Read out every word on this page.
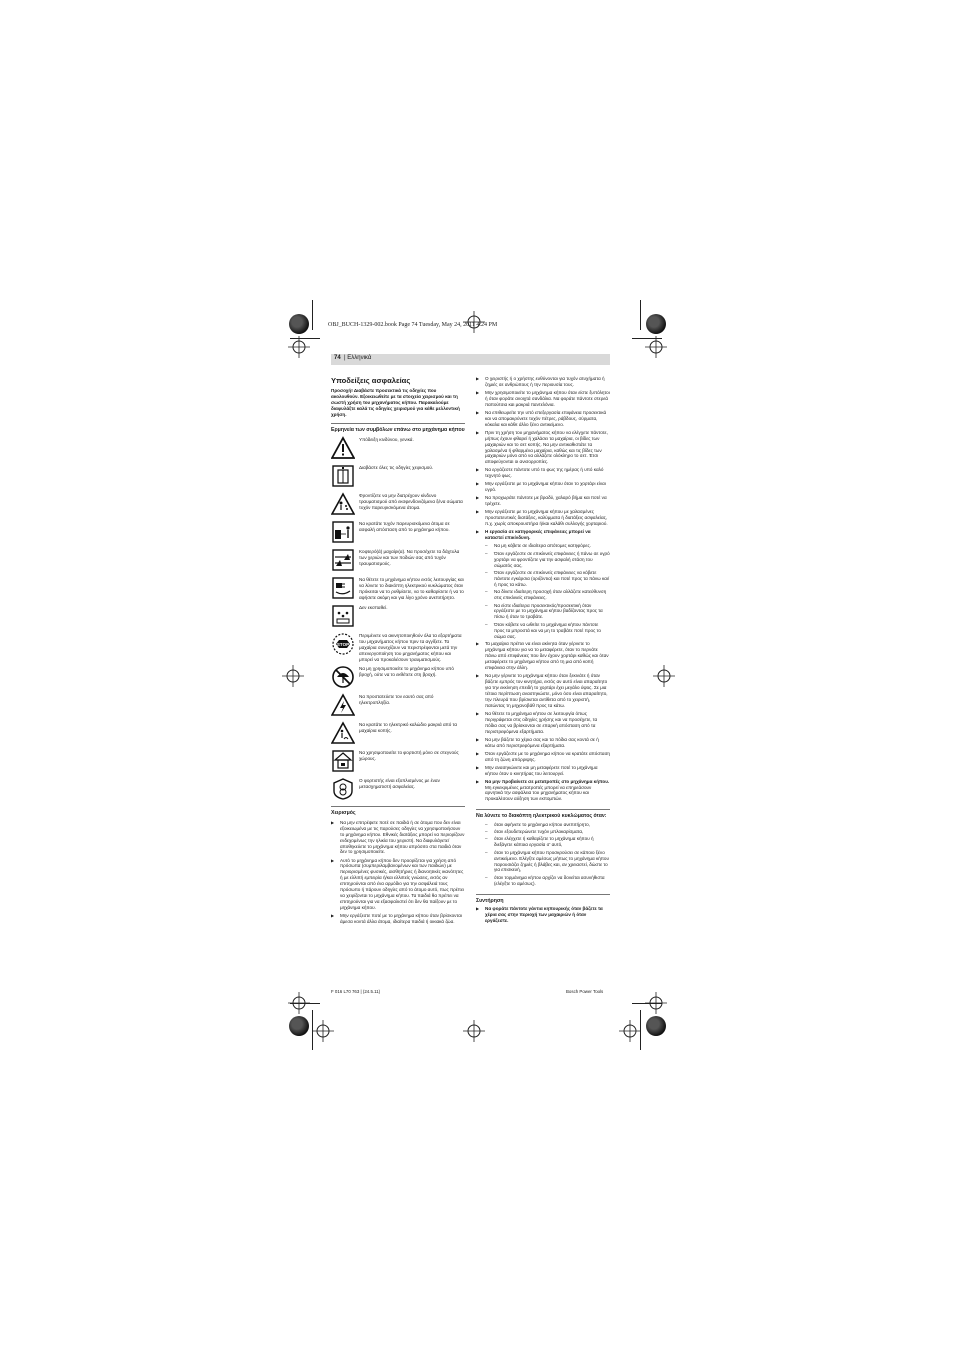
OBJ_BUCH-1329-002.book Page 74 Tuesday, May 24, 2011 4:24 PM
74 | Ελληνικά
Υποδείξεις ασφαλείας
Προσοχή! Διαβάστε προσεκτικά τις οδηγίες που ακολουθούν. Εξοικειωθείτε με τα στοιχεία χειρισμού και τη σωστή χρήση του μηχανήματος κήπου. Παρακαλούμε διαφυλάξτε καλά τις οδηγίες χειρισμού για κάθε μελλοντική χρήση.
Ερμηνεία των συμβόλων επάνω στο μηχάνημα κήπου
Υπόδειξη κινδύνου, γενικά.
Διαβάστε όλες τις οδηγίες χειρισμού.
Φροντίζετε να μην διατρέχουν κίνδυνο τραυματισμού από εκσφενδονιζόμενα ξένα σώματα τυχόν παρευρισκόμενα άτομα.
Να κρατάτε τυχόν παρευρισκόμενα άτομα σε ασφαλή απόσταση από το μηχάνημα κήπου.
Κοφτερό(ά) μαχαίρι(α). Να προσέχετε τα δάχτυλα των χεριών και των ποδιών σας από τυχόν τραυματισμούς.
Να θέτετε το μηχάνημα κήπου εκτός λειτουργίας και να λύνετε το διακόπτη ηλεκτρικού κυκλώματος όταν πρόκειται να το ρυθμίσετε, να το καθαρίσετε ή να το αφήσετε ακόμη και για λίγο χρόνο ανεπιτήρητο.
Δεν εκσπαθεί.
STOP
Περιμένετε να ακινητοποιηθούν όλα τα εξαρτήματα του μηχανήματος κήπου πριν τα αγγίξετε. Τα μαχαίρια συνεχίζουν να περιστρέφονται μετά την απενεργοποίηση του μηχανήματος κήπου και μπορεί να προκαλέσουν τραυματισμούς.
Να μη χρησιμοποιείτε το μηχάνημα κήπου υπό βροχή, ούτε να το εκθέτετε στη βροχή.
Να προστατεύετε τον εαυτό σας από ηλεκτροπληξία.
Να κρατάτε το ηλεκτρικό καλώδιο μακριά από τα μαχαίρια κοπής.
Να χρησιμοποιείτε το φορτιστή μόνο σε στεγνούς χώρους.
Ο φορτιστής είναι εξοπλισμένος με έναν μετασχηματιστή ασφαλείας.
Χειρισμός
▶	Να μην επιτρέψετε ποτέ σε παιδιά ή σε άτομα που δεν είναι εξοικειωμένα με τις παρούσες οδηγίες να χρησιμοποιήσουν το μηχάνημα κήπου. Εθνικές διατάξεις μπορεί να περιορίζουν ενδεχομένως την ηλικία του χειριστή. Να διαφυλάγετε/αποθηκεύετε το μηχάνημα κήπου απρόσιτο στα παιδιά όταν δεν το χρησιμοποιείτε.
▶	Αυτό το μηχάνημα κήπου δεν προορίζεται για χρήση από πρόσωπα (συμπεριλαμβανομένων και των παιδιών) με περιορισμένες φυσικές, αισθητήριες ή διανοητικές ικανότητες ή με ελλιπή εμπειρία ή/και ελλιπείς γνώσεις, εκτός αν επιτηρούνται από ένα αρμόδιο για την ασφάλειά τους πρόσωπο ή πάρουν οδηγίες από το άτομο αυτό, πως πρέπει να χειρίζονται το μηχάνημα κήπου. Τα παιδιά θα πρέπει να επιτηρούνται για να εξασφαλιστεί ότι δεν θα παίξουν με το μηχάνημα κήπου.
▶	Μην εργάζεστε ποτέ με το μηχάνημα κήπου όταν βρίσκονται άμεσα κοντά άλλα άτομα, ιδιαίτερα παιδιά ή οικιακά ζώα.
▶	Ο χειριστής ή ο χρήστης ευθύνονται για τυχόν ατυχήματα ή ζημιές σε ανθρώπους ή την περιουσία τους.
▶	Μην χρησιμοποιείτε το μηχάνημα κήπου όταν είστε ξυπόλητοι ή όταν φοράτε ανοιχτά σανδάλια. Να φοράτε πάντοτε στερεά παπούτσια και μακριά παντελόνια.
▶	Να επιθεωρείτε την υπό επεξεργασία επιφάνεια προσεκτικά και να απομακρύνετε τυχόν πέτρες, ράβδους, σύρματα, κόκαλα και κάθε άλλο ξένο αντικείμενο.
▶	Πριν τη χρήση του μηχανήματος κήπου να ελέγχετε πάντοτε, μήπως έχουν φθαρεί ή χαλάσει τα μαχαίρια, οι βίδες των μαχαιριών και το σετ κοπής. Να μην αντικαθιστάτε τα χαλασμένα ή φθαρμένα μαχαίρια, καθώς και τις βίδες των μαχαιριών μόνο από να αλλάζετε ολόκληρο το σετ. Έτσι αποφεύγονται οι ανισορροπίες.
▶	Να εργάζεστε πάντοτε υπό το φως της ημέρας ή υπό καλό τεχνητό φως.
▶	Μην εργάζεστε με το μηχάνημα κήπου όταν το χορτάρι είναι υγρό.
▶	Να προχωράτε πάντοτε με βραδύ, χαλαρό βήμα και ποτέ να τρέχετε.
▶	Μην εργάζεστε με το μηχάνημα κήπου με χαλασμένες προστατευτικές διατάξεις, καλύμματα ή διατάξεις ασφαλείας, π.χ. χωρίς αποκρουστήρα ή/και καλάθι συλλογής χορταριού.
▶	Η εργασία σε κατηφορικές επιφάνειες μπορεί να καταστεί επικίνδυνη.
–	Να μη κόβετε σε ιδιαίτερα απότομες κατηφόρες.
–	Όταν εργάζεστε σε επικλινείς επιφάνειες ή πάνω σε υγρό χορτάρι να φροντίζετε για την ασφαλή στάση του σώματός σας.
–	Όταν εργάζεστε σε επικλινείς επιφάνειες να κόβετε πάντοτε εγκάρσια (οριζόντια) και ποτέ προς τα πάνω και/ή προς τα κάτω.
–	Να δίνετε ιδιαίτερη προσοχή όταν αλλάζετε κατεύθυνση στις επικλινείς επιφάνειες.
–	Να είστε ιδιαίτερα προσεκτικός/προσεκτική όταν εργάζεστε με το μηχάνημα κήπου βαδίζοντας προς τα πίσω ή όταν το τραβάτε.
–	Όταν κόβετε να ωθείτε το μηχάνημα κήπου πάντοτε προς τα μπροστά και να μη το τραβάτε ποτέ προς το σώμα σας.
▶	Τα μαχαίρια πρέπει να είναι ακίνητα όταν γέρνετε το μηχάνημα κήπου για να το μεταφέρετε, όταν το περνάτε πάνω από επιφάνειες που δεν έχουν χορτάρι καθώς και όταν μεταφέρετε το μηχάνημα κήπου από τη μια από κοπή επιφάνεια στην άλλη.
▶	Να μην γέρνετε το μηχάνημα κήπου όταν ξεκινάτε ή όταν βάζετε εμπρός τον κινητήρα, εκτός αν αυτό είναι απαραίτητο για την εκκίνηση επειδή το χορτάρι έχει μεγάλο ύψος. Σε μια τέτοια περίπτωση αναστηκώστε, μόνο όσο είναι απαραίτητο, την πλευρά που βρίσκεται αντίθετα από το χειριστή, πατώντας τη μηχανοβάθ προς τα κάτω.
▶	Να θέτετε το μηχάνημα κήπου σε λειτουργία όπως περιγράφεται στις οδηγίες χρήσης και να προσέχετε, τα πόδια σας να βρίσκονται σε επαρκή απόσταση από τα περιστρεφόμενα εξαρτήματα.
▶	Να μην βάζετε τα χέρια σας και τα πόδια σας κοντά σε ή κάτω από περιστρεφόμενα εξαρτήματα.
▶	Όταν εργάζεστε με το μηχάνημα κήπου να κρατάτε απόσταση από τη ζώνη απόρριψης.
▶	Μην ανασηκώνετε και μη μεταφέρετε ποτέ το μηχάνημα κήπου όταν ο κινητήρας του λειτουργεί.
▶	Να μην προβαίνετε σε μετατροπές στο μηχάνημα κήπου. Μη εγκεκριμένες μετατροπές μπορεί να επηρεάσουν αρνητικά την ασφάλεια του μηχανήματος κήπου και προκαλέσουν αύξηση των εκπομπών.
Να λύνετε το διακόπτη ηλεκτρικού κυκλώματος όταν:
–	όταν αφήνετε το μηχάνημα κήπου ανεπιτήρητο,
–	όταν εξουδετερώνετε τυχόν μπλοκαρίσματα,
–	όταν ελέγχετε ή καθαρίζετε το μηχάνημα κήπου ή διεξάγετε κάποια εργασία σ' αυτό,
–	όταν το μηχάνημα κήπου προσκρούσει σε κάποιο ξένο αντικείμενο. Ελέγξτε αμέσως μήπως το μηχάνημα κήπου παρουσιάζει ζημιές ή βλάβες και, αν χρειαστεί, δώστε το για επισκευή,
–	όταν τορμάνημα κήπου αρχίζει να δονείται ασυνήθιστα (ελέγξτε το αμέσως).
Συντήρηση
▶	Να φοράτε πάντοτε γάντια κηπουρικής όταν βάζετε τα χέρια σας στην περιοχή των μαχαιριών ή όταν εργάζεστε.
F 016 L70 763 | (24.5.11)	Bosch Power Tools
